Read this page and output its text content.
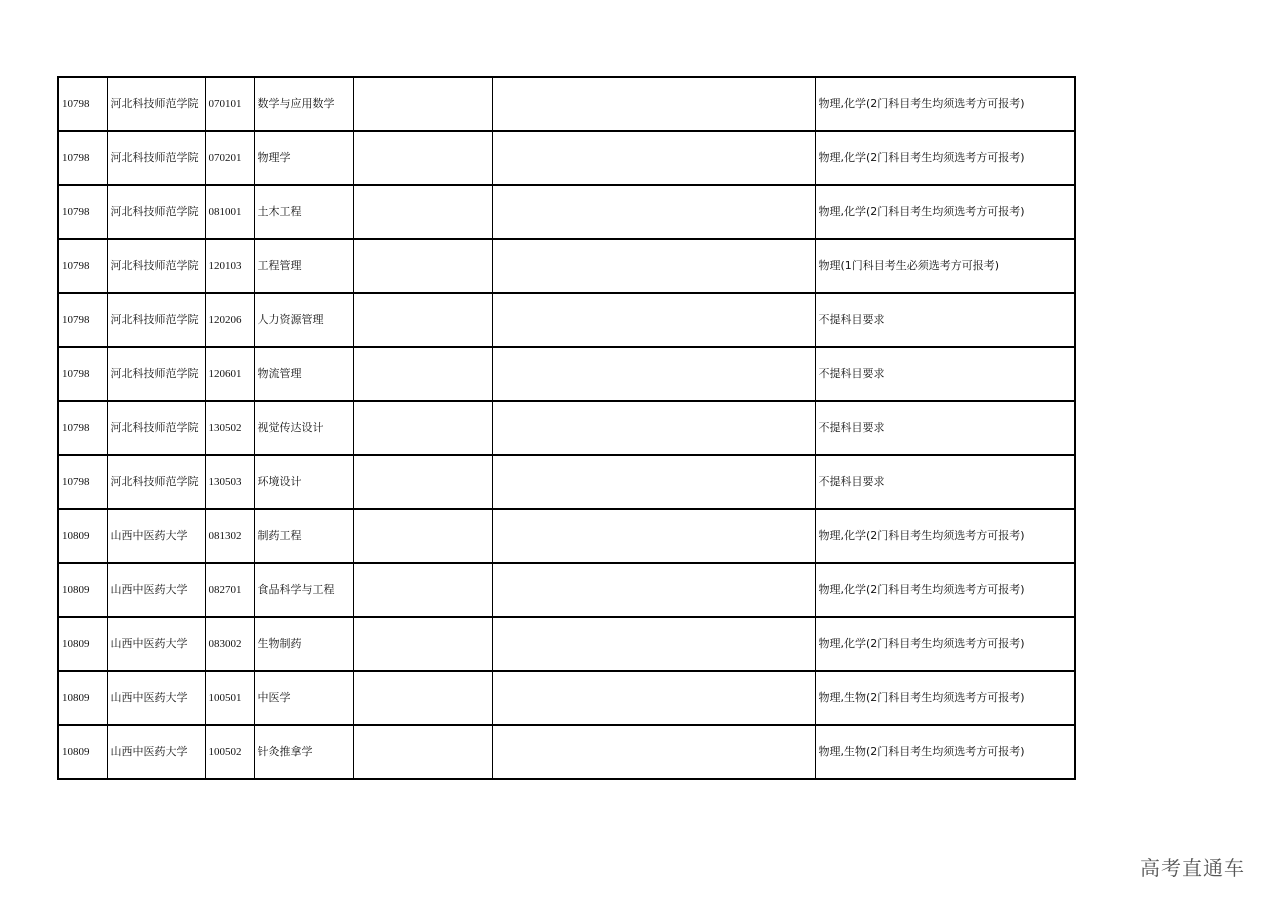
10798	河北科技师范学院	070101	数学与应用数学			物理,化学(2门科目考生均须选考方可报考)
10798	河北科技师范学院	070201	物理学			物理,化学(2门科目考生均须选考方可报考)
10798	河北科技师范学院	081001	土木工程			物理,化学(2门科目考生均须选考方可报考)
10798	河北科技师范学院	120103	工程管理			物理(1门科目考生必须选考方可报考)
10798	河北科技师范学院	120206	人力资源管理			不提科目要求
10798	河北科技师范学院	120601	物流管理			不提科目要求
10798	河北科技师范学院	130502	视觉传达设计			不提科目要求
10798	河北科技师范学院	130503	环境设计			不提科目要求
10809	山西中医药大学	081302	制药工程			物理,化学(2门科目考生均须选考方可报考)
10809	山西中医药大学	082701	食品科学与工程			物理,化学(2门科目考生均须选考方可报考)
10809	山西中医药大学	083002	生物制药			物理,化学(2门科目考生均须选考方可报考)
10809	山西中医药大学	100501	中医学			物理,生物(2门科目考生均须选考方可报考)
10809	山西中医药大学	100502	针灸推拿学			物理,生物(2门科目考生均须选考方可报考)
高考直通车
